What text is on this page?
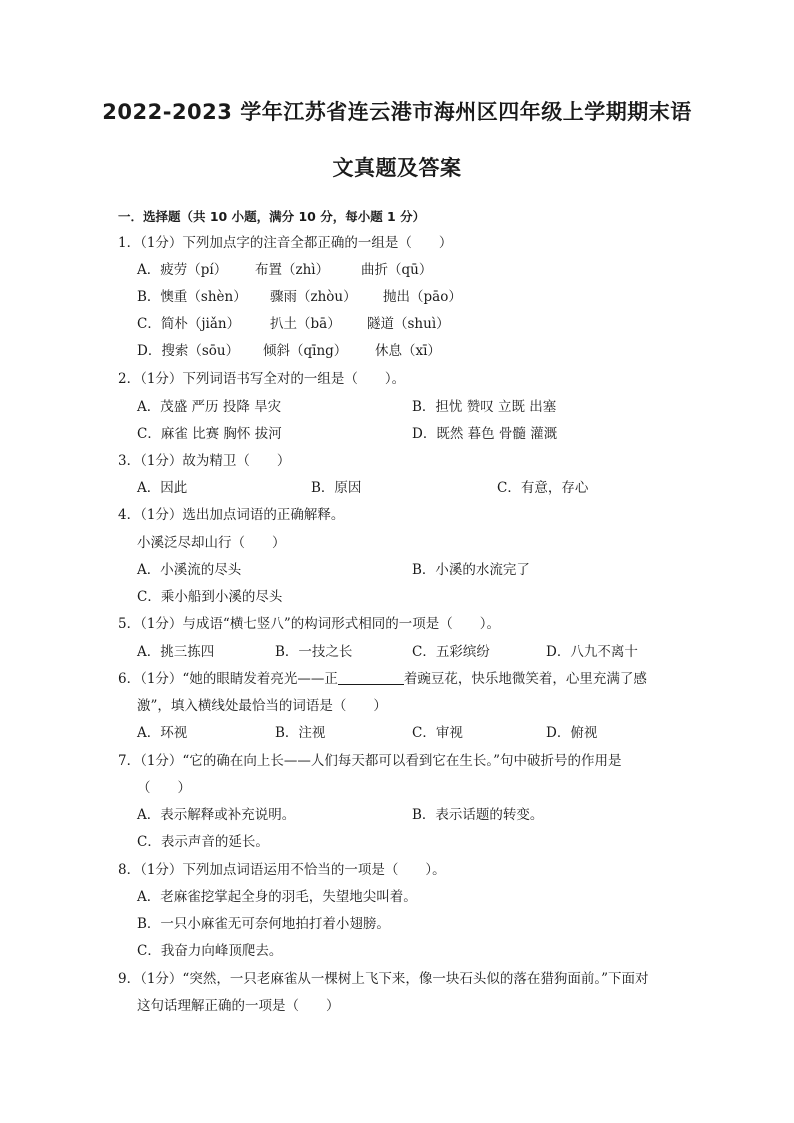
2022-2023 学年江苏省连云港市海州区四年级上学期期末语
文真题及答案
一．选择题（共 10 小题，满分 10 分，每小题 1 分）
1．（1分）下列加点字的注音全都正确的一组是（　　）
A．疲劳（pí） 布置（zhì） 曲折（qū）
B．懊重（shèn） 骤雨（zhòu） 抛出（pāo）
C．简朴（jiǎn） 扒土（bā） 隧道（shuì）
D．搜索（sōu） 倾斜（qīng） 休息（xī）
2．（1分）下列词语书写全对的一组是（　　）。
A．茂盛 严历 投降 旱灾	B．担忧 赞叹 立既 出塞
C．麻雀 比赛 胸怀 拔河	D．既然 暮色 骨髓 灌溉
3．（1分）故为精卫（　　）
A．因此	B．原因	C．有意，存心
4．（1分）选出加点词语的正确解释。
小溪泛尽却山行（　　）
A．小溪流的尽头	B．小溪的水流完了
C．乘小船到小溪的尽头
5．（1分）与成语“横七竖八”的构词形式相同的一项是（　　）。
A．挑三拣四	B．一技之长	C．五彩缤纷	D．八九不离十
6．（1分）“她的眼睛发着亮光——正	着豌豆花，快乐地微笑着，心里充满了感
激”，填入横线处最恰当的词语是（　　）
A．环视	B．注视	C．审视	D．俯视
7．（1分）“它的确在向上长——人们每天都可以看到它在生长。”句中破折号的作用是
（　　）
A．表示解释或补充说明。	B．表示话题的转变。
C．表示声音的延长。
8．（1分）下列加点词语运用不恰当的一项是（　　）。
A．老麻雀挖掌起全身的羽毛，失望地尖叫着。
B．一只小麻雀无可奈何地拍打着小翅膀。
C．我奋力向峰顶爬去。
9．（1分）“突然，一只老麻雀从一棵树上飞下来，像一块石头似的落在猎狗面前。”下面对
这句话理解正确的一项是（　　）
